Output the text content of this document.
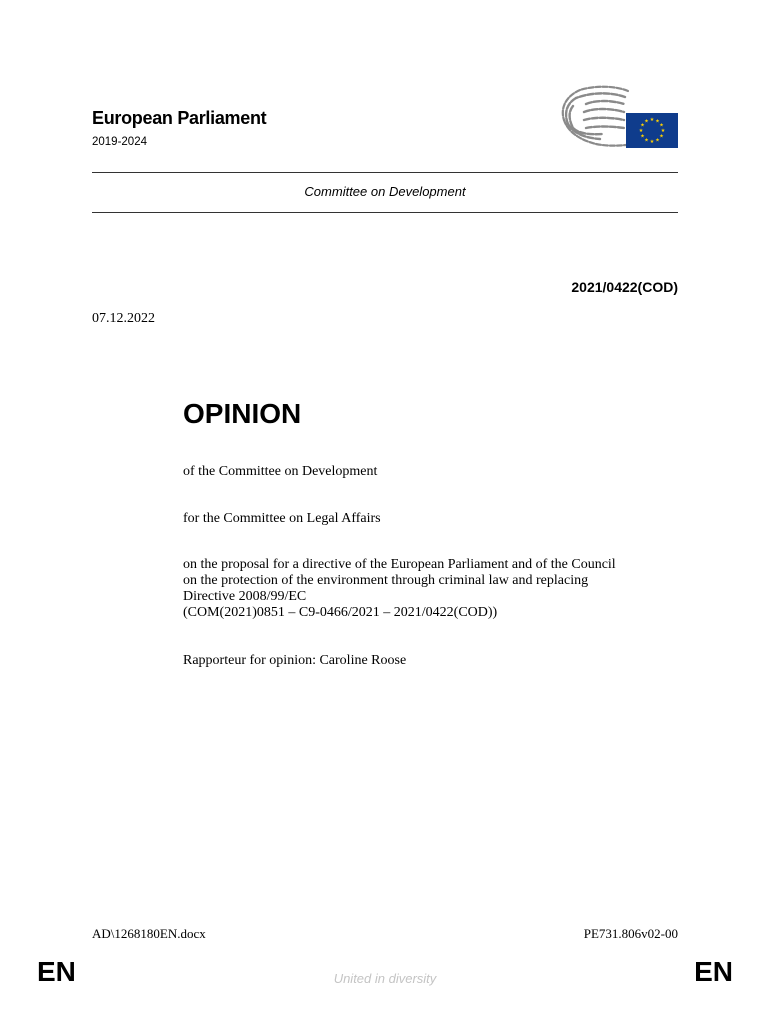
European Parliament
2019-2024
★ ★
★
★
★
★
★
★
★
★
★
★
Committee on Development
2021/0422(COD)
07.12.2022
OPINION
of the Committee on Development
for the Committee on Legal Affairs
on the proposal for a directive of the European Parliament and of the Council
on the protection of the environment through criminal law and replacing
Directive 2008/99/EC
(COM(2021)0851 – C9-0466/2021 – 2021/0422(COD))
Rapporteur for opinion: Caroline Roose
AD\1268180EN.docx	PE731.806v02-00
EN	United in diversity	EN
